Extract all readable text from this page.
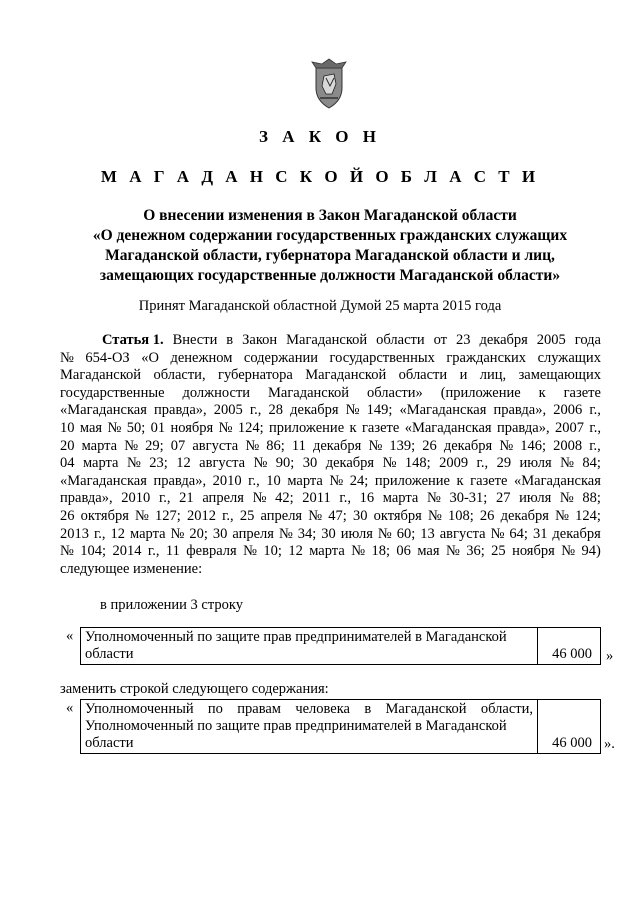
З А К О Н
М А Г А Д А Н С К О Й О Б Л А С Т И
О внесении изменения в Закон Магаданской области
«О денежном содержании государственных гражданских служащих
Магаданской области, губернатора Магаданской области и лиц,
замещающих государственные должности Магаданской области»
Принят Магаданской областной Думой 25 марта 2015 года
Статья 1. Внести в Закон Магаданской области от 23 декабря 2005 года
№ 654-ОЗ «О денежном содержании государственных гражданских служащих
Магаданской области, губернатора Магаданской области и лиц, замещающих
государственные должности Магаданской области» (приложение к газете
«Магаданская правда», 2005 г., 28 декабря № 149; «Магаданская правда», 2006 г.,
10 мая № 50; 01 ноября № 124; приложение к газете «Магаданская правда», 2007 г.,
20 марта № 29; 07 августа № 86; 11 декабря № 139; 26 декабря № 146; 2008 г.,
04 марта № 23; 12 августа № 90; 30 декабря № 148; 2009 г., 29 июля № 84;
«Магаданская правда», 2010 г., 10 марта № 24; приложение к газете «Магаданская
правда», 2010 г., 21 апреля № 42; 2011 г., 16 марта № 30-31; 27 июля № 88;
26 октября № 127; 2012 г., 25 апреля № 47; 30 октября № 108; 26 декабря № 124;
2013 г., 12 марта № 20; 30 апреля № 34; 30 июля № 60; 13 августа № 64; 31 декабря
№ 104; 2014 г., 11 февраля № 10; 12 марта № 18; 06 мая № 36; 25 ноября № 94)
следующее изменение:
в приложении 3 строку
« Уполномоченный по защите прав предпринимателей в Магаданской области	46 000 »
заменить строкой следующего содержания:
« Уполномоченный по правам человека в Магаданской области,
Уполномоченный по защите прав предпринимателей в Магаданской
области	46 000 ».
